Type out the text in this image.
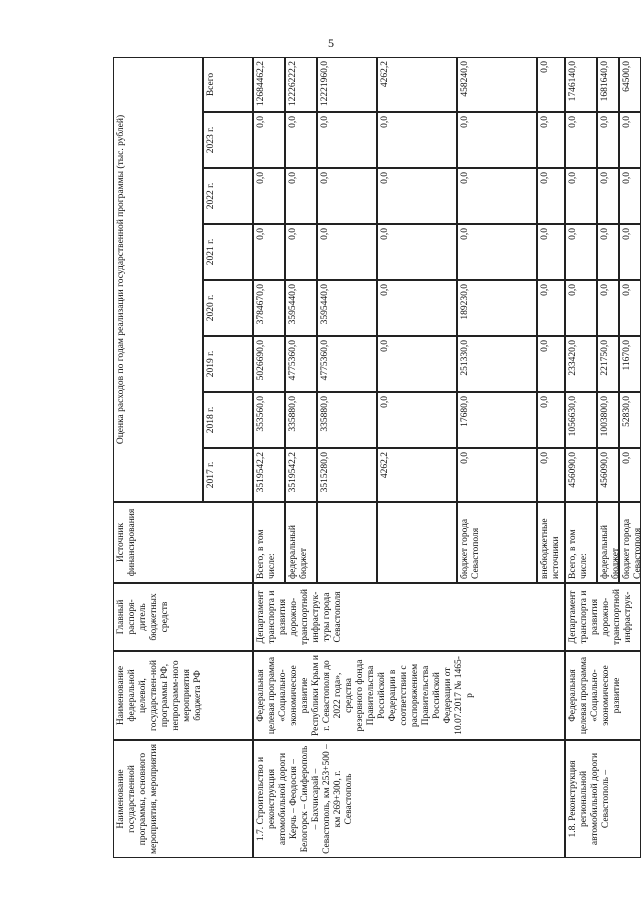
5
Наименование государственной программы, основного мероприятия, мероприятия
Наименование федеральной целевой, государствен-ной программы РФ, непрограмм-ного мероприятия бюджета РФ
Главный распоря-дитель бюджетных средств
Источник финансирования
Оценка расходов по годам реализации государственной программы (тыс. рублей)
2017 г.
2018 г.
2019 г.
2020 г.
2021 г.
2022 г.
2023 г.
Всего
1.7. Строительство и реконструкция автомобильной дороги Керчь – Феодосия – Белогорск – Симферополь – Бахчисарай – Севастополь, км 253+500 – км 269+300, г. Севастополь
Федеральная целевая программа «Социально-экономическое развитие Республики Крым и г. Севастополя до 2022 года», средства резервного фонда Правительства Российской Федерации в соответствии с распоряжением Правительства Российской Федерации от 10.07.2017 № 1465-р
Департамент транспорта и развития дорожно-транспортной инфраструк-туры города Севастополя
Всего, в том числе:
3519542,2
353560,0
5026690,0
3784670,0
0,0
0,0
0,0
12684462,2
федеральный бюджет
3519542,2
335880,0
4775360,0
3595440,0
0,0
0,0
0,0
12226222,2
3515280,0
335880,0
4775360,0
3595440,0
0,0
0,0
0,0
12221960,0
4262,2
0,0
0,0
0,0
0,0
0,0
0,0
4262,2
бюджет города Севастополя
0,0
17680,0
251330,0
189230,0
0,0
0,0
0,0
458240,0
внебюджетные источники
0,0
0,0
0,0
0,0
0,0
0,0
0,0
0,0
1.8. Реконструкция региональной автомобильной дороги Севастополь –
Федеральная целевая программа «Социально-экономическое развитие
Департамент транспорта и развития дорожно-транспортной инфраструк-
Всего, в том числе:
456090,0
1056630,0
233420,0
0,0
0,0
0,0
0,0
1746140,0
федеральный бюджет
456090,0
1003800,0
221750,0
0,0
0,0
0,0
0,0
1681640,0
бюджет города Севастополя
0,0
52830,0
11670,0
0,0
0,0
0,0
0,0
64500,0
